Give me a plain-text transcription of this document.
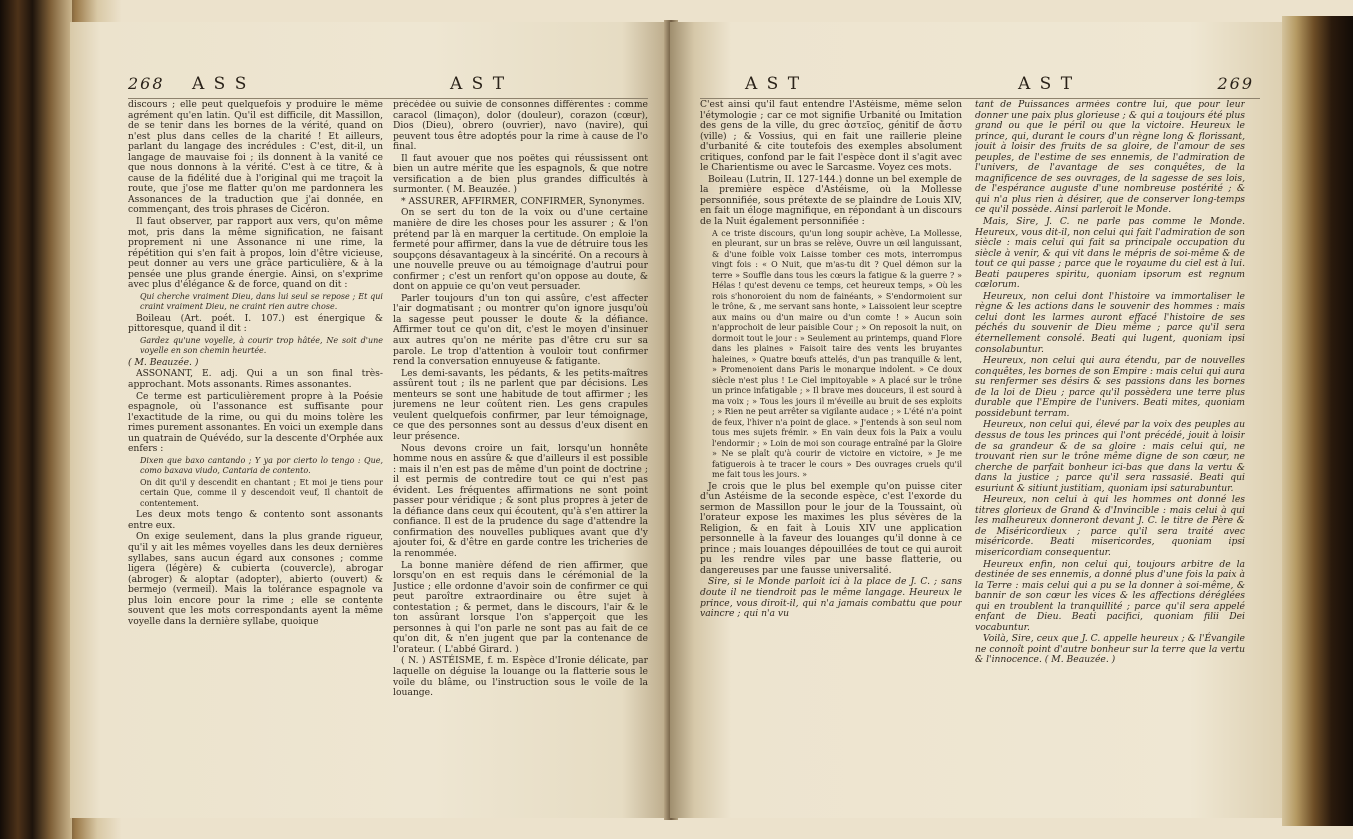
268 A S S	A S T

discours ; elle peut quelquefois y produire le même agrément qu'en latin. Qu'il est difficile, dit Massillon, de se tenir dans les bornes de la vérité, quand on n'est plus dans celles de la charité ! Et ailleurs, parlant du langage des incrédules : C'est, dit-il, un langage de mauvaise foi ; ils donnent à la vanité ce que nous donnons à la vérité. C'est à ce titre, & à cause de la fidélité due à l'original qui me traçoit la route, que j'ose me flatter qu'on me pardonnera les Assonances de la traduction que j'ai donnée, en commençant, des trois phrases de Cicéron.

Il faut observer, par rapport aux vers, qu'on même mot, pris dans la même signification, ne faisant proprement ni une Assonance ni une rime, la répétition qui s'en fait à propos, loin d'être vicieuse, peut donner au vers une grâce particulière, & à la pensée une plus grande énergie. Ainsi, on s'exprime avec plus d'élégance & de force, quand on dit :

Qui cherche vraiment Dieu, dans lui seul se repose ; Et qui craint vraiment Dieu, ne craint rien autre chose.

Boileau (Art. poét. I. 107.) est énergique & pittoresque, quand il dit :

Gardez qu'une voyelle, à courir trop hâtée, Ne soit d'une voyelle en son chemin heurtée.

( M. Beauzée. )

ASSONANT, E. adj. Qui a un son final très-approchant. Mots assonants. Rimes assonantes.

Ce terme est particulièrement propre à la Poésie espagnole, où l'assonance est suffisante pour l'exactitude de la rime, ou qui du moins tolère les rimes purement assonantes. En voici un exemple dans un quatrain de Quévédo, sur la descente d'Orphée aux enfers :

Dixen que baxo cantando ; Y ya por cierto lo tengo : Que, como baxava viudo, Cantaria de contento.

On dit qu'il y descendit en chantant ; Et moi je tiens pour certain Que, comme il y descendoit veuf, Il chantoit de contentement.

Les deux mots tengo & contento sont assonants entre eux.

On exige seulement, dans la plus grande rigueur, qu'il y ait les mêmes voyelles dans les deux dernières syllabes, sans aucun égard aux consones ; comme ligera (légère) & cubierta (couvercle), abrogar (abroger) & aloptar (adopter), abierto (ouvert) & bermejo (vermeil). Mais la tolérance espagnole va plus loin encore pour la rime ; elle se contente souvent que les mots correspondants ayent la même voyelle dans la dernière syllabe, quoique

précédée ou suivie de consonnes différentes : comme caracol (limaçon), dolor (douleur), corazon (cœur), Dios (Dieu), obrero (ouvrier), navo (navire), qui peuvent tous être adoptés pour la rime à cause de l'o final.

Il faut avouer que nos poëtes qui réussissent ont bien un autre mérite que les espagnols, & que notre versification a de bien plus grandes difficultés à surmonter. ( M. Beauzée. )

* ASSURER, AFFIRMER, CONFIRMER, Synonymes.

On se sert du ton de la voix ou d'une certaine manière de dire les choses pour les assurer ; & l'on prétend par là en marquer la certitude. On emploie la fermeté pour affirmer, dans la vue de détruire tous les soupçons désavantageux à la sincérité. On a recours à une nouvelle preuve ou au témoignage d'autrui pour confirmer ; c'est un renfort qu'on oppose au doute, & dont on appuie ce qu'on veut persuader.

Parler toujours d'un ton qui assûre, c'est affecter l'air dogmatisant ; ou montrer qu'on ignore jusqu'où la sagesse peut pousser le doute & la défiance. Affirmer tout ce qu'on dit, c'est le moyen d'insinuer aux autres qu'on ne mérite pas d'être cru sur sa parole. Le trop d'attention à vouloir tout confirmer rend la conversation ennuyeuse & fatigante.

Les demi-savants, les pédants, & les petits-maîtres assûrent tout ; ils ne parlent que par décisions. Les menteurs se sont une habitude de tout affirmer ; les juremens ne leur coûtent rien. Les gens crapules veulent quelquefois confirmer, par leur témoignage, ce que des personnes sont au dessus d'eux disent en leur présence.

Nous devons croire un fait, lorsqu'un honnête homme nous en assûre & que d'ailleurs il est possible : mais il n'en est pas de même d'un point de doctrine ; il est permis de contredire tout ce qui n'est pas évident. Les fréquentes affirmations ne sont point passer pour véridique ; & sont plus propres à jeter de la défiance dans ceux qui écoutent, qu'à s'en attirer la confiance. Il est de la prudence du sage d'attendre la confirmation des nouvelles publiques avant que d'y ajouter foi, & d'être en garde contre les tricheries de la renommée.

La bonne manière défend de rien affirmer, que lorsqu'on en est requis dans le cérémonial de la Justice ; elle ordonne d'avoir soin de confirmer ce qui peut paroître extraordinaire ou être sujet à contestation ; & permet, dans le discours, l'air & le ton assûrant lorsque l'on s'apperçoit que les personnes à qui l'on parle ne sont pas au fait de ce qu'on dit, & n'en jugent que par la contenance de l'orateur. ( L'abbé Girard. )

( N. ) ASTÉISME, f. m. Espèce d'Ironie délicate, par laquelle on déguise la louange ou la flatterie sous le voile du blâme, ou l'instruction sous le voile de la louange.

A S T	A S T	269

C'est ainsi qu'il faut entendre l'Astéisme, même selon l'étymologie ; car ce mot signifie Urbanité ou Imitation des gens de la ville, du grec ἀστεῖος, génitif de ἄστυ (ville) ; & Vossius, qui en fait une raillerie pleine d'urbanité & cite toutefois des exemples absolument critiques, confond par le fait l'espèce dont il s'agit avec le Charientisme ou avec le Sarcasme. Voyez ces mots.

Boileau (Lutrin, II. 127-144.) donne un bel exemple de la première espèce d'Astéisme, où la Mollesse personnifiée, sous prétexte de se plaindre de Louis XIV, en fait un éloge magnifique, en répondant à un discours de la Nuit également personnifiée :

A ce triste discours, qu'un long soupir achève, La Mollesse, en pleurant, sur un bras se relève, Ouvre un œil languissant, & d'une foible voix Laisse tomber ces mots, interrompus vingt fois : « O Nuit, que m'as-tu dit ? Quel démon sur la terre » Souffle dans tous les cœurs la fatigue & la guerre ? » Hélas ! qu'est devenu ce temps, cet heureux temps, » Où les rois s'honoroient du nom de fainéants, » S'endormoient sur le trône, & , me servant sans honte, » Laissoient leur sceptre aux mains ou d'un maire ou d'un comte ! » Aucun soin n'approchoit de leur paisible Cour ; » On reposoit la nuit, on dormoit tout le jour : » Seulement au printemps, quand Flore dans les plaines » Faisoit taire des vents les bruyantes haleines, » Quatre bœufs attelés, d'un pas tranquille & lent, » Promenoient dans Paris le monarque indolent. » Ce doux siècle n'est plus ! Le Ciel impitoyable » A placé sur le trône un prince infatigable ; » Il brave mes douceurs, il est sourd à ma voix ; » Tous les jours il m'éveille au bruit de ses exploits ; » Rien ne peut arrêter sa vigilante audace ; » L'été n'a point de feux, l'hiver n'a point de glace. » J'entends à son seul nom tous mes sujets frémir. » En vain deux fois la Paix a voulu l'endormir ; » Loin de moi son courage entraîné par la Gloire » Ne se plaît qu'à courir de victoire en victoire, » Je me fatiguerois à te tracer le cours » Des ouvrages cruels qu'il me fait tous les jours. »

Je crois que le plus bel exemple qu'on puisse citer d'un Astéisme de la seconde espèce, c'est l'exorde du sermon de Massillon pour le jour de la Toussaint, où l'orateur expose les maximes les plus sévères de la Religion, & en fait à Louis XIV une application personnelle à la faveur des louanges qu'il donne à ce prince ; mais louanges dépouillées de tout ce qui auroit pu les rendre viles par une basse flatterie, ou dangereuses par une fausse universalité.

Sire, si le Monde parloit ici à la place de J. C. ; sans doute il ne tiendroit pas le même langage. Heureux le prince, vous diroit-il, qui n'a jamais combattu que pour vaincre ; qui n'a vu

tant de Puissances armées contre lui, que pour leur donner une paix plus glorieuse ; & qui a toujours été plus grand ou que le péril ou que la victoire. Heureux le prince, qui, durant le cours d'un règne long & florissant, jouit à loisir des fruits de sa gloire, de l'amour de ses peuples, de l'estime de ses ennemis, de l'admiration de l'univers, de l'avantage de ses conquêtes, de la magnificence de ses ouvrages, de la sagesse de ses lois, de l'espérance auguste d'une nombreuse postérité ; & qui n'a plus rien à désirer, que de conserver long-temps ce qu'il possède. Ainsi parleroit le Monde.

Mais, Sire, J. C. ne parle pas comme le Monde. Heureux, vous dit-il, non celui qui fait l'admiration de son siècle : mais celui qui fait sa principale occupation du siècle à venir, & qui vit dans le mépris de soi-même & de tout ce qui passe ; parce que le royaume du ciel est à lui. Beati pauperes spiritu, quoniam ipsorum est regnum cœlorum.

Heureux, non celui dont l'histoire va immortaliser le règne & les actions dans le souvenir des hommes : mais celui dont les larmes auront effacé l'histoire de ses péchés du souvenir de Dieu même ; parce qu'il sera éternellement consolé. Beati qui lugent, quoniam ipsi consolabuntur.

Heureux, non celui qui aura étendu, par de nouvelles conquêtes, les bornes de son Empire : mais celui qui aura su renfermer ses désirs & ses passions dans les bornes de la loi de Dieu ; parce qu'il possèdera une terre plus durable que l'Empire de l'univers. Beati mites, quoniam possidebunt terram.

Heureux, non celui qui, élevé par la voix des peuples au dessus de tous les princes qui l'ont précédé, jouit à loisir de sa grandeur & de sa gloire : mais celui qui, ne trouvant rien sur le trône même digne de son cœur, ne cherche de parfait bonheur ici-bas que dans la vertu & dans la justice ; parce qu'il sera rassasié. Beati qui esuriunt & sitiunt justitiam, quoniam ipsi saturabuntur.

Heureux, non celui à qui les hommes ont donné les titres glorieux de Grand & d'Invincible : mais celui à qui les malheureux donneront devant J. C. le titre de Père & de Miséricordieux ; parce qu'il sera traité avec miséricorde. Beati misericordes, quoniam ipsi misericordiam consequentur.

Heureux enfin, non celui qui, toujours arbitre de la destinée de ses ennemis, a donné plus d'une fois la paix à la Terre : mais celui qui a pu se la donner à soi-même, & bannir de son cœur les vices & les affections déréglées qui en troublent la tranquillité ; parce qu'il sera appelé enfant de Dieu. Beati pacifici, quoniam filii Dei vocabuntur.

Voilà, Sire, ceux que J. C. appelle heureux ; & l'Évangile ne connoît point d'autre bonheur sur la terre que la vertu & l'innocence. ( M. Beauzée. )
